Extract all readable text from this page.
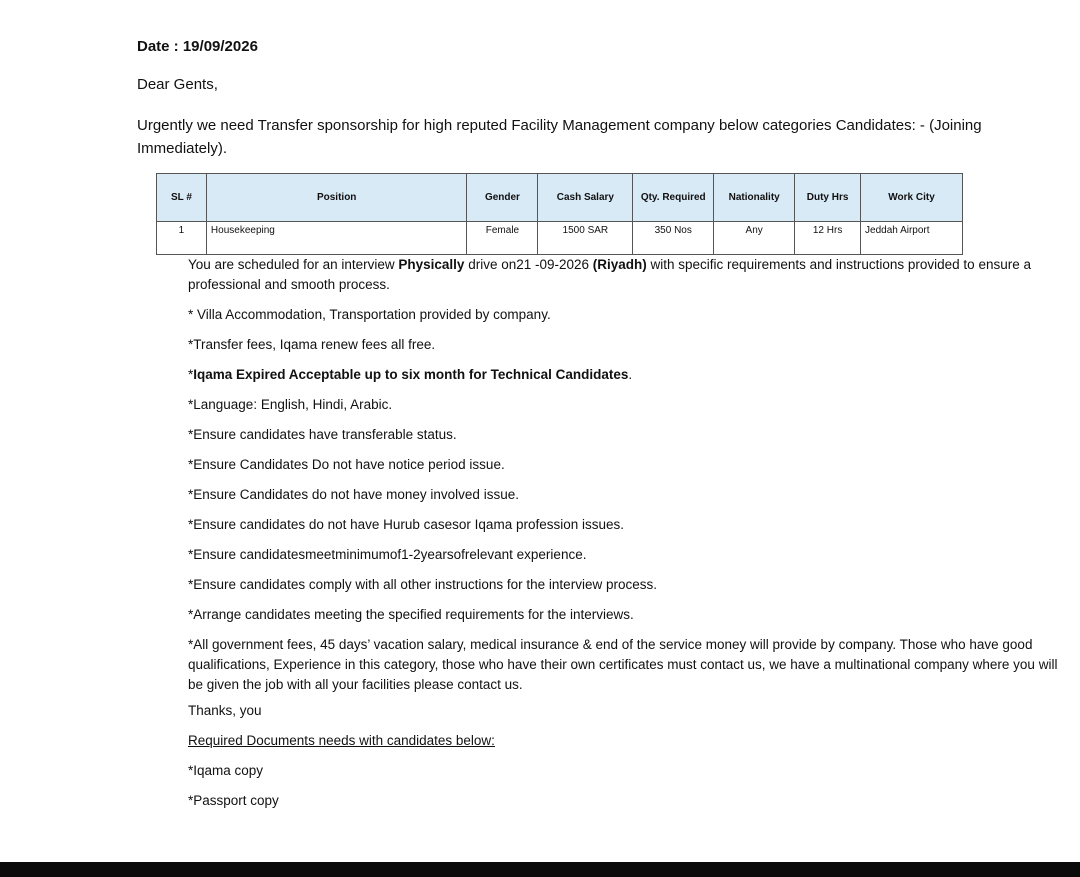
Date : 19/09/2026
Dear Gents,
Urgently we need Transfer sponsorship for high reputed Facility Management company below categories Candidates: - (Joining Immediately).
SL #	Position	Gender	Cash Salary	Qty. Required	Nationality	Duty Hrs	Work City
1	Housekeeping	Female	1500 SAR	350 Nos	Any	12 Hrs	Jeddah Airport
You are scheduled for an interview Physically drive on21 -09-2026 (Riyadh) with specific requirements and instructions provided to ensure a professional and smooth process.
* Villa Accommodation, Transportation provided by company.
*Transfer fees, Iqama renew fees all free.
*Iqama Expired Acceptable up to six month for Technical Candidates.
*Language: English, Hindi, Arabic.
*Ensure candidates have transferable status.
*Ensure Candidates Do not have notice period issue.
*Ensure Candidates do not have money involved issue.
*Ensure candidates do not have Hurub casesor Iqama profession issues.
*Ensure candidatesmeetminimumof1-2yearsofrelevant experience.
*Ensure candidates comply with all other instructions for the interview process.
*Arrange candidates meeting the specified requirements for the interviews.
*All government fees, 45 days’ vacation salary, medical insurance & end of the service money will provide by company. Those who have good qualifications, Experience in this category, those who have their own certificates must contact us, we have a multinational company where you will be given the job with all your facilities please contact us.
Thanks, you
Required Documents needs with candidates below:
*Iqama copy
*Passport copy
